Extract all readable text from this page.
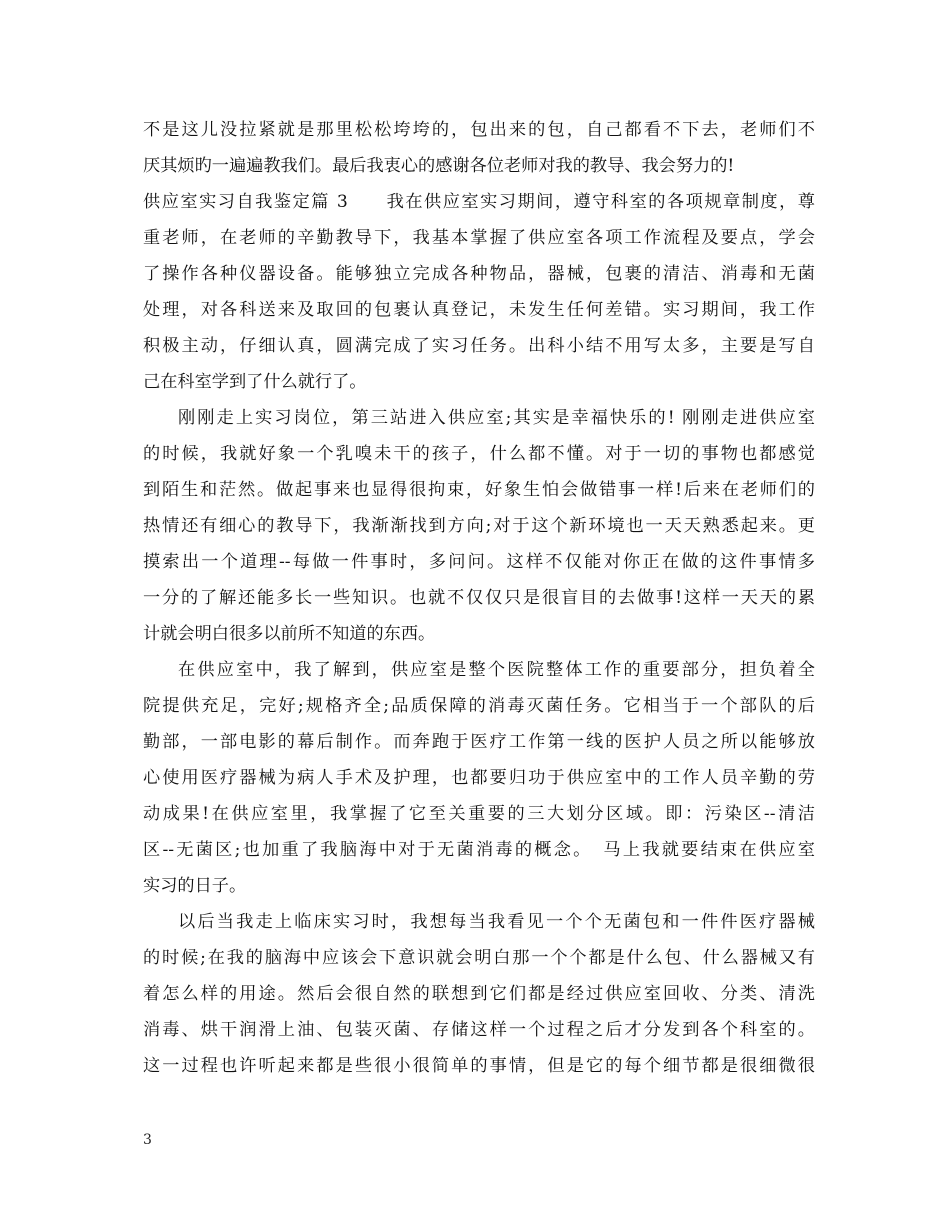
不是这儿没拉紧就是那里松松垮垮的，包出来的包，自己都看不下去，老师们不
厌其烦旳一遍遍教我们。最后我衷心的感谢各位老师对我的教导、我会努力的!
供应室实习自我鉴定篇 3　　我在供应室实习期间，遵守科室的各项规章制度，尊
重老师，在老师的辛勤教导下，我基本掌握了供应室各项工作流程及要点，学会
了操作各种仪器设备。能够独立完成各种物品，器械，包裹的清洁、消毒和无菌
处理，对各科送来及取回的包裹认真登记，未发生任何差错。实习期间，我工作
积极主动，仔细认真，圆满完成了实习任务。出科小结不用写太多，主要是写自
己在科室学到了什么就行了。
刚刚走上实习岗位，第三站进入供应室;其实是幸福快乐的! 刚刚走进供应室
的时候，我就好象一个乳嗅未干的孩子，什么都不懂。对于一切的事物也都感觉
到陌生和茫然。做起事来也显得很拘束，好象生怕会做错事一样!后来在老师们的
热情还有细心的教导下，我渐渐找到方向;对于这个新环境也一天天熟悉起来。更
摸索出一个道理--每做一件事时，多问问。这样不仅能对你正在做的这件事情多
一分的了解还能多长一些知识。也就不仅仅只是很盲目的去做事!这样一天天的累
计就会明白很多以前所不知道的东西。
在供应室中，我了解到，供应室是整个医院整体工作的重要部分，担负着全
院提供充足，完好;规格齐全;品质保障的消毒灭菌任务。它相当于一个部队的后
勤部，一部电影的幕后制作。而奔跑于医疗工作第一线的医护人员之所以能够放
心使用医疗器械为病人手术及护理，也都要归功于供应室中的工作人员辛勤的劳
动成果!在供应室里，我掌握了它至关重要的三大划分区域。即：污染区--清洁
区--无菌区;也加重了我脑海中对于无菌消毒的概念。　马上我就要结束在供应室
实习的日子。
以后当我走上临床实习时，我想每当我看见一个个无菌包和一件件医疗器械
的时候;在我的脑海中应该会下意识就会明白那一个个都是什么包、什么器械又有
着怎么样的用途。然后会很自然的联想到它们都是经过供应室回收、分类、清洗
消毒、烘干润滑上油、包装灭菌、存储这样一个过程之后才分发到各个科室的。
这一过程也许听起来都是些很小很简单的事情，但是它的每个细节都是很细微很
3
